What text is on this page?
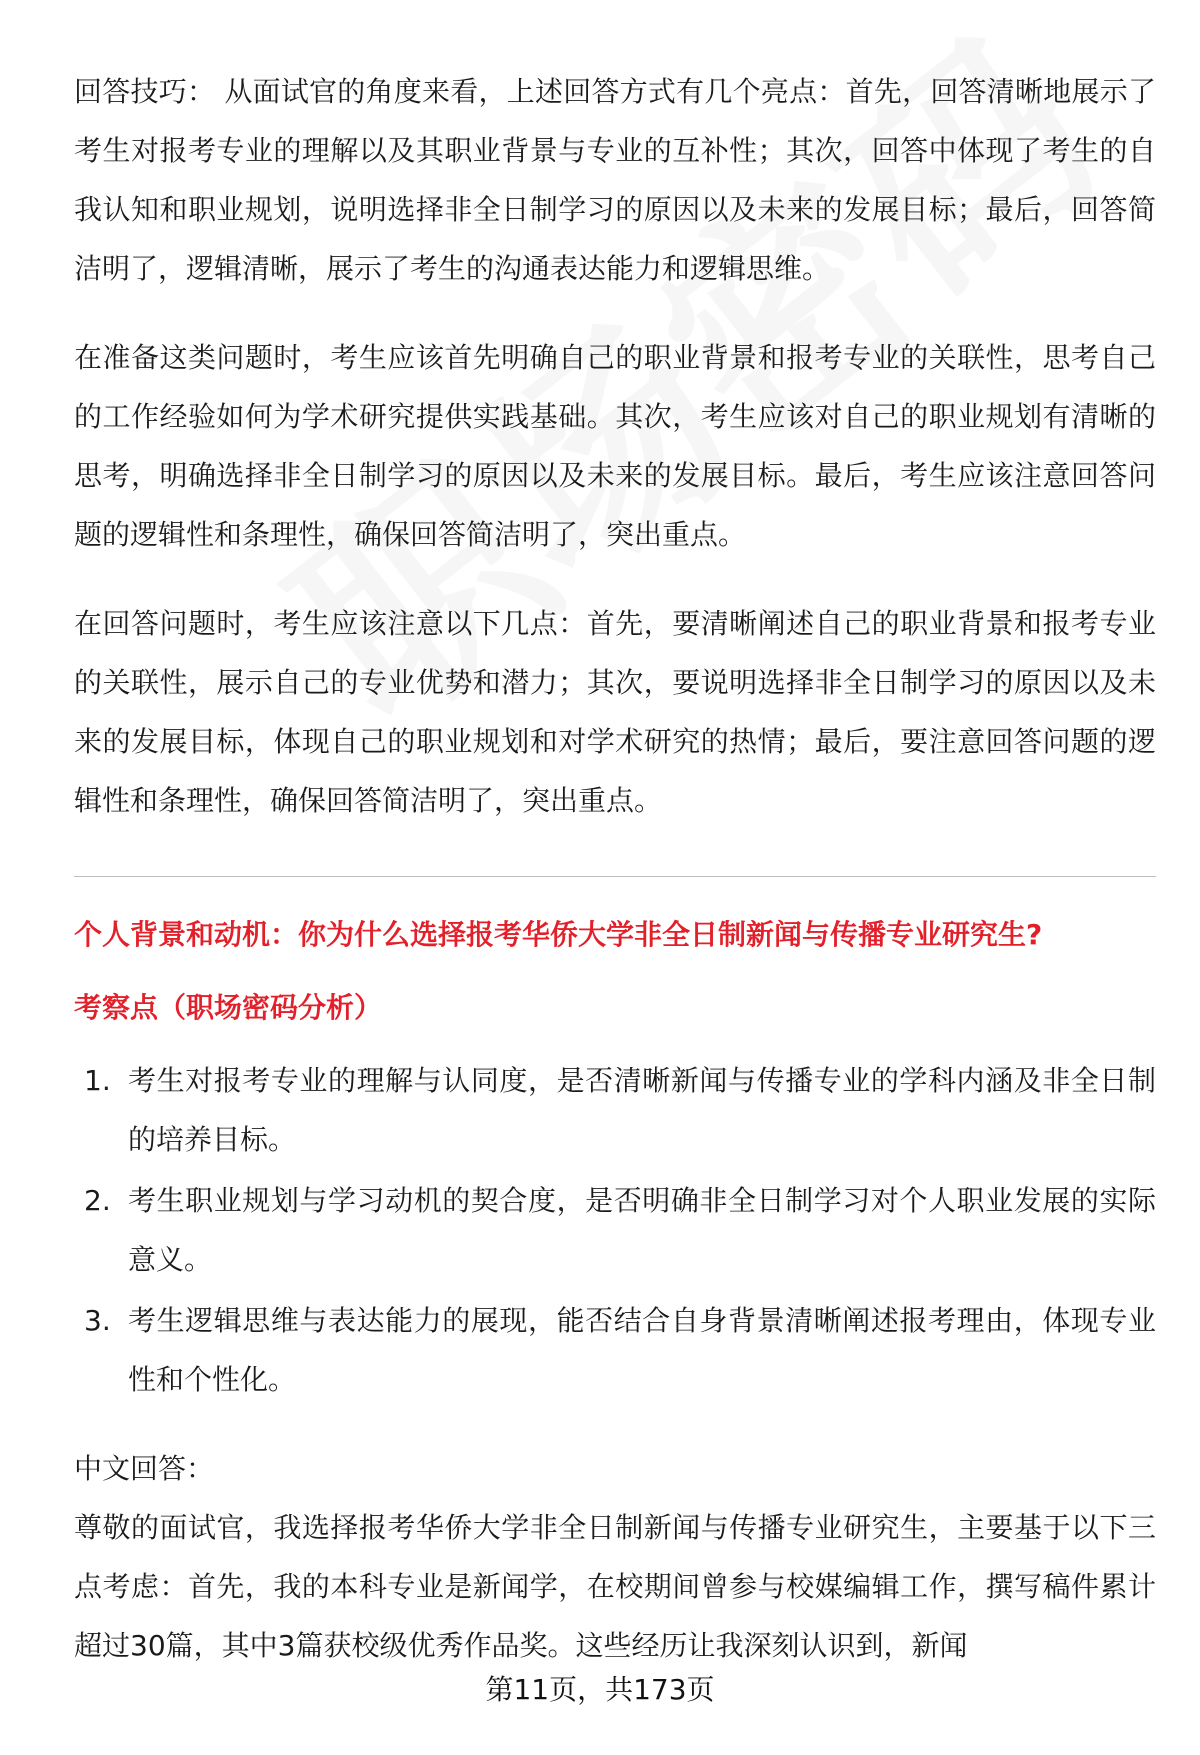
回答技巧： 从面试官的角度来看，上述回答方式有几个亮点：首先，回答清晰地展示了考生对报考专业的理解以及其职业背景与专业的互补性；其次，回答中体现了考生的自我认知和职业规划，说明选择非全日制学习的原因以及未来的发展目标；最后，回答简洁明了，逻辑清晰，展示了考生的沟通表达能力和逻辑思维。

在准备这类问题时，考生应该首先明确自己的职业背景和报考专业的关联性，思考自己的工作经验如何为学术研究提供实践基础。其次，考生应该对自己的职业规划有清晰的思考，明确选择非全日制学习的原因以及未来的发展目标。最后，考生应该注意回答问题的逻辑性和条理性，确保回答简洁明了，突出重点。

在回答问题时，考生应该注意以下几点：首先，要清晰阐述自己的职业背景和报考专业的关联性，展示自己的专业优势和潜力；其次，要说明选择非全日制学习的原因以及未来的发展目标，体现自己的职业规划和对学术研究的热情；最后，要注意回答问题的逻辑性和条理性，确保回答简洁明了，突出重点。

个人背景和动机：你为什么选择报考华侨大学非全日制新闻与传播专业研究生?

考察点（职场密码分析）

1. 考生对报考专业的理解与认同度，是否清晰新闻与传播专业的学科内涵及非全日制的培养目标。
2. 考生职业规划与学习动机的契合度，是否明确非全日制学习对个人职业发展的实际意义。
3. 考生逻辑思维与表达能力的展现，能否结合自身背景清晰阐述报考理由，体现专业性和个性化。

中文回答：

尊敬的面试官，我选择报考华侨大学非全日制新闻与传播专业研究生，主要基于以下三点考虑：首先，我的本科专业是新闻学，在校期间曾参与校媒编辑工作，撰写稿件累计超过30篇，其中3篇获校级优秀作品奖。这些经历让我深刻认识到，新闻

第11页，共173页
